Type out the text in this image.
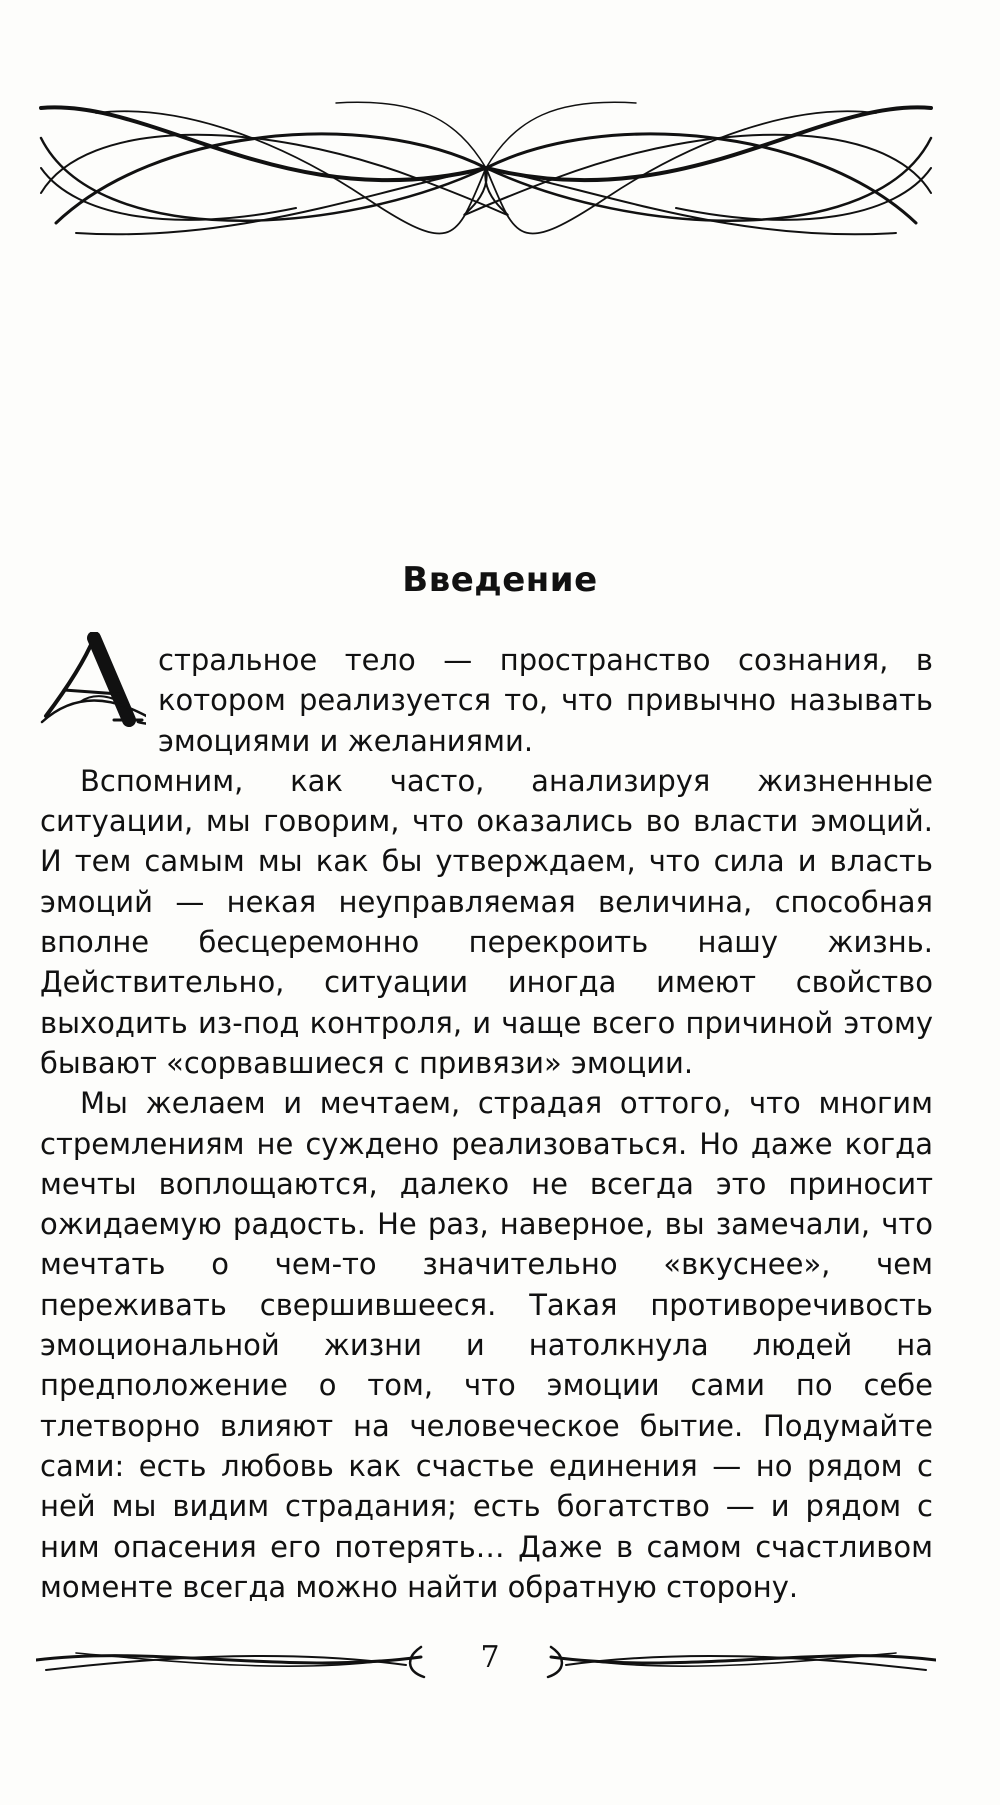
Введение

стральное тело — пространство сознания, в котором реализуется то, что привычно называть эмоциями и желаниями.

Вспомним, как часто, анализируя жизненные ситуации, мы говорим, что оказались во власти эмоций. И тем самым мы как бы утверждаем, что сила и власть эмоций — некая неуправляемая величина, способная вполне бесцеремонно перекроить нашу жизнь. Действительно, ситуации иногда имеют свойство выходить из-под контроля, и чаще всего причиной этому бывают «сорвавшиеся с привязи» эмоции.

Мы желаем и мечтаем, страдая оттого, что многим стремлениям не суждено реализоваться. Но даже когда мечты воплощаются, далеко не всегда это приносит ожидаемую радость. Не раз, наверное, вы замечали, что мечтать о чем-то значительно «вкуснее», чем переживать свершившееся. Такая противоречивость эмоциональной жизни и натолкнула людей на предположение о том, что эмоции сами по себе тлетворно влияют на человеческое бытие. Подумайте сами: есть любовь как счастье единения — но рядом с ней мы видим страдания; есть богатство — и рядом с ним опасения его потерять… Даже в самом счастливом моменте всегда можно найти обратную сторону.

7
